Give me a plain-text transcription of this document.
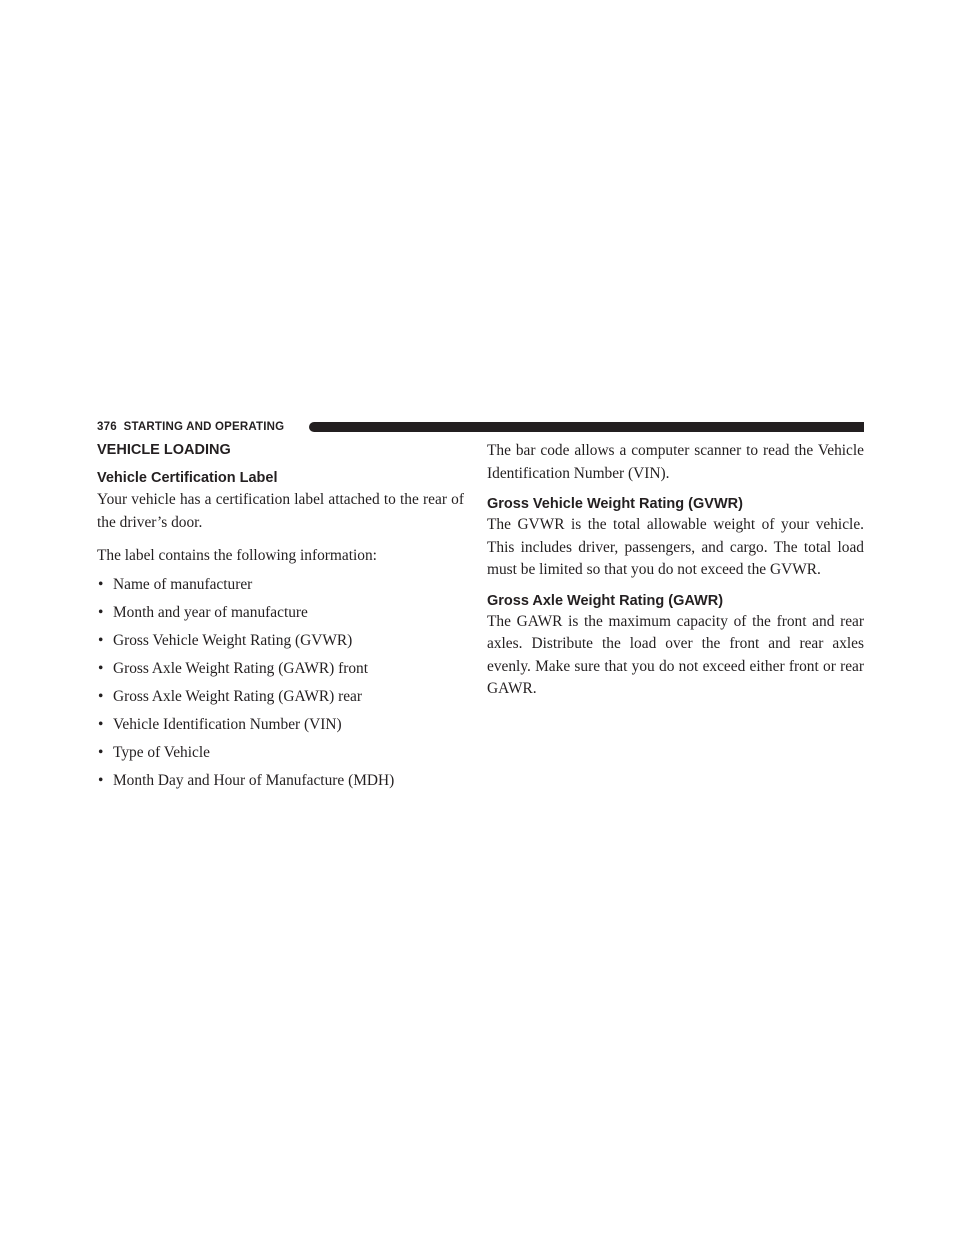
376 STARTING AND OPERATING
VEHICLE LOADING
Vehicle Certification Label

Your vehicle has a certification label attached to the rear of the driver’s door.

The label contains the following information:

• Name of manufacturer
• Month and year of manufacture
• Gross Vehicle Weight Rating (GVWR)
• Gross Axle Weight Rating (GAWR) front
• Gross Axle Weight Rating (GAWR) rear
• Vehicle Identification Number (VIN)
• Type of Vehicle
• Month Day and Hour of Manufacture (MDH)

The bar code allows a computer scanner to read the Vehicle Identification Number (VIN).

Gross Vehicle Weight Rating (GVWR)

The GVWR is the total allowable weight of your vehicle. This includes driver, passengers, and cargo. The total load must be limited so that you do not exceed the GVWR.

Gross Axle Weight Rating (GAWR)

The GAWR is the maximum capacity of the front and rear axles. Distribute the load over the front and rear axles evenly. Make sure that you do not exceed either front or rear GAWR.
